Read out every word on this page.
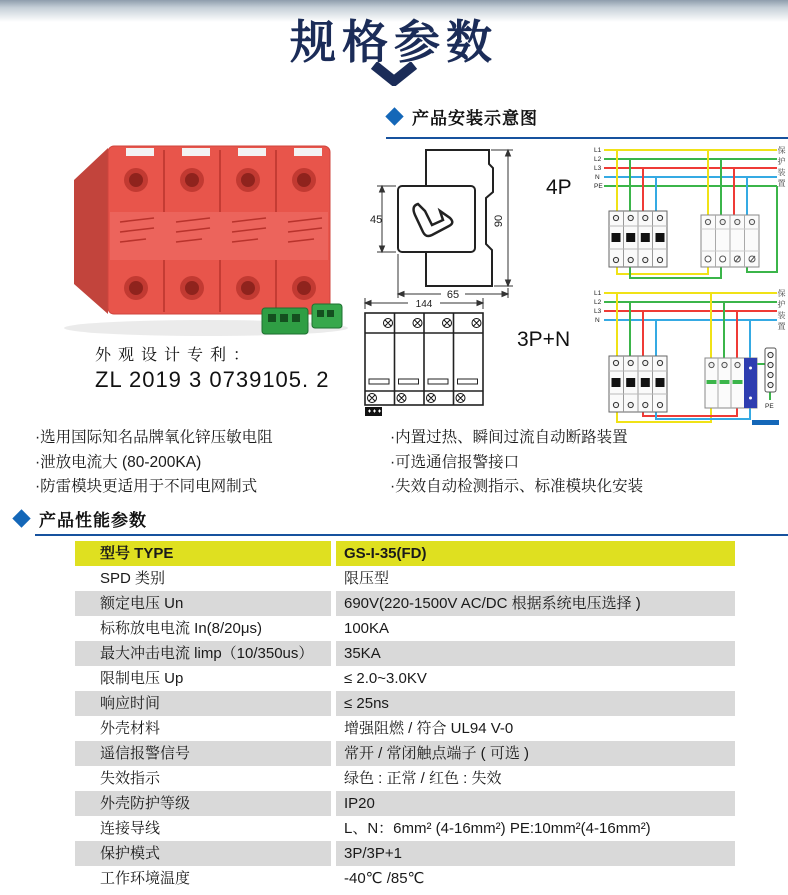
规格参数
产品安装示意图
外观设计专利：
ZL 2019 3 0739105. 2
45	90
65
4P
144
3P+N
L1
L2
L3
N
PE	保护装置
L1
L2
L3
N
PE
保护装置
·选用国际知名品牌氧化锌压敏电阻
·泄放电流大 (80-200KA)
·防雷模块更适用于不同电网制式
·内置过热、瞬间过流自动断路装置
·可选通信报警接口
·失效自动检测指示、标准模块化安装
产品性能参数
型号 TYPE	GS-I-35(FD)
SPD 类别	限压型
额定电压 Un	690V(220-1500V AC/DC 根据系统电压选择 )
标称放电电流 In(8/20μs)	100KA
最大冲击电流 limp（10/350us）	35KA
限制电压 Up	≤ 2.0~3.0KV
响应时间	≤ 25ns
外壳材料	增强阻燃 / 符合 UL94 V-0
遥信报警信号	常开 / 常闭触点端子 ( 可选 )
失效指示	绿色 : 正常 / 红色 : 失效
外壳防护等级	IP20
连接导线	L、N：6mm² (4-16mm²) PE:10mm²(4-16mm²)
保护模式	3P/3P+1
工作环境温度	-40℃ /85℃
